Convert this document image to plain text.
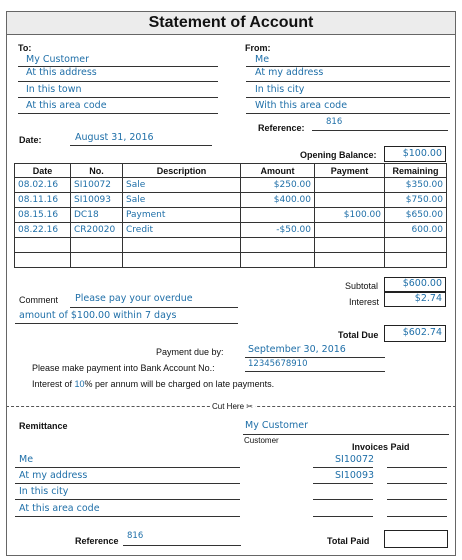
Statement of Account
To:
My Customer
At this address
In this town
At this area code
From:
Me
At my address
In this city
With this area code
Reference:
816
Date:	August 31, 2016
Opening Balance:	$100.00
Date	No.	Description	Amount	Payment	Remaining
08.02.16	SI10072	Sale	$250.00		$350.00
08.11.16	SI10093	Sale	$400.00		$750.00
08.15.16	DC18	Payment		$100.00	$650.00
08.22.16	CR20020	Credit	-$50.00		600.00

Subtotal	$600.00
Interest	$2.74
Comment Please pay your overdue
amount of $100.00 within 7 days
Total Due	$602.74
Payment due by:	September 30, 2016
Please make payment into Bank Account No.:	12345678910
Interest of 10% per annum will be charged on late payments.
Cut Here ✂
Remittance	My Customer
Customer
Invoices Paid
Me
At my address
In this city
At this area code
SI10072
SI10093
Reference 816	Total Paid
